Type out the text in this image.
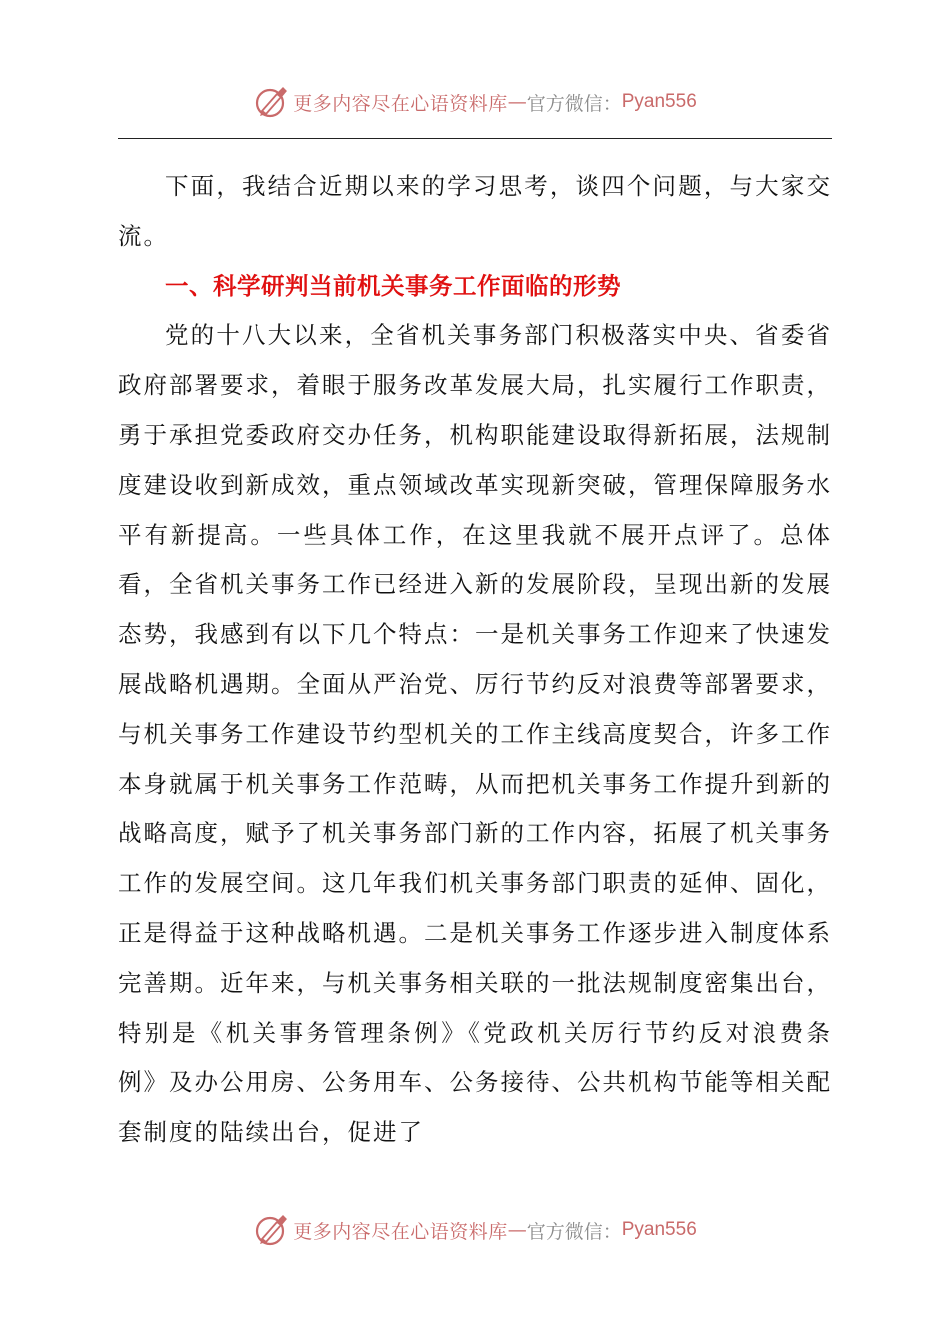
更多内容尽在心语资料库 — 官方微信： Pyan556

下面，我结合近期以来的学习思考，谈四个问题，与大家交流。

一、科学研判当前机关事务工作面临的形势

党的十八大以来，全省机关事务部门积极落实中央、省委省政府部署要求，着眼于服务改革发展大局，扎实履行工作职责，勇于承担党委政府交办任务，机构职能建设取得新拓展，法规制度建设收到新成效，重点领域改革实现新突破，管理保障服务水平有新提高。一些具体工作，在这里我就不展开点评了。总体看，全省机关事务工作已经进入新的发展阶段，呈现出新的发展态势，我感到有以下几个特点：一是机关事务工作迎来了快速发展战略机遇期。全面从严治党、厉行节约反对浪费等部署要求，与机关事务工作建设节约型机关的工作主线高度契合，许多工作本身就属于机关事务工作范畴，从而把机关事务工作提升到新的战略高度，赋予了机关事务部门新的工作内容，拓展了机关事务工作的发展空间。这几年我们机关事务部门职责的延伸、固化，正是得益于这种战略机遇。二是机关事务工作逐步进入制度体系完善期。近年来，与机关事务相关联的一批法规制度密集出台，特别是《机关事务管理条例》《党政机关厉行节约反对浪费条例》及办公用房、公务用车、公务接待、公共机构节能等相关配套制度的陆续出台，促进了

更多内容尽在心语资料库 — 官方微信： Pyan556
